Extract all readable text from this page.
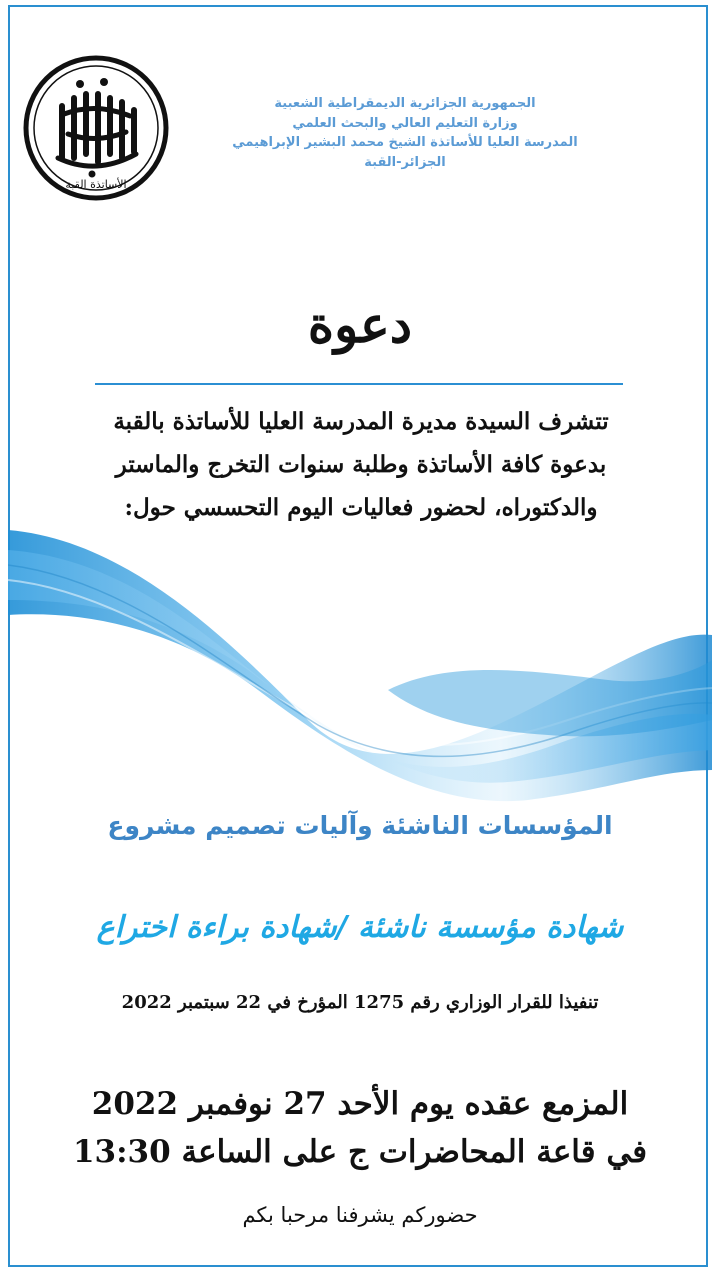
الأساتذة القبة
الجمهورية الجزائرية الديمقراطية الشعبية
وزارة التعليم العالي والبحث العلمي
المدرسة العليا للأساتذة الشيخ محمد البشير الإبراهيمي
الجزائر-القبة
دعوة
تتشرف السيدة مديرة المدرسة العليا للأساتذة بالقبة
بدعوة كافة الأساتذة وطلبة سنوات التخرج والماستر
والدكتوراه، لحضور فعاليات اليوم التحسسي حول:
المؤسسات الناشئة وآليات تصميم مشروع
شهادة مؤسسة ناشئة /شهادة براءة اختراع
تنفيذا للقرار الوزاري رقم 1275 المؤرخ في 22 سبتمبر 2022
المزمع عقده يوم الأحد 27 نوفمبر 2022
في قاعة المحاضرات ج على الساعة 13:30
حضوركم يشرفنا مرحبا بكم
